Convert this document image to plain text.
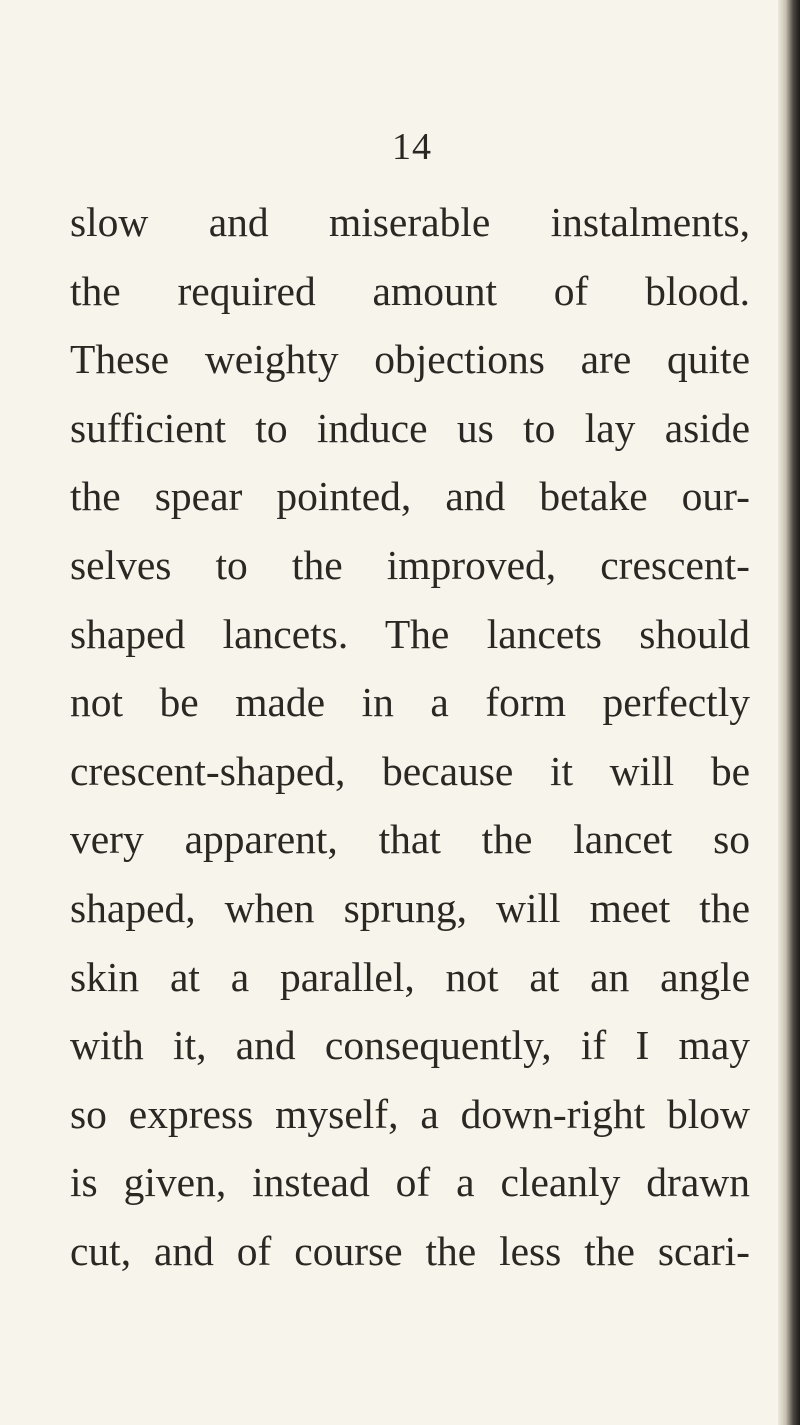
14
slow and miserable instalments,
the required amount of blood.
These weighty objections are quite
sufficient to induce us to lay aside
the spear pointed, and betake our-
selves to the improved, crescent-
shaped lancets. The lancets should
not be made in a form perfectly
crescent-shaped, because it will be
very apparent, that the lancet so
shaped, when sprung, will meet the
skin at a parallel, not at an angle
with it, and consequently, if I may
so express myself, a down-right blow
is given, instead of a cleanly drawn
cut, and of course the less the scari-
